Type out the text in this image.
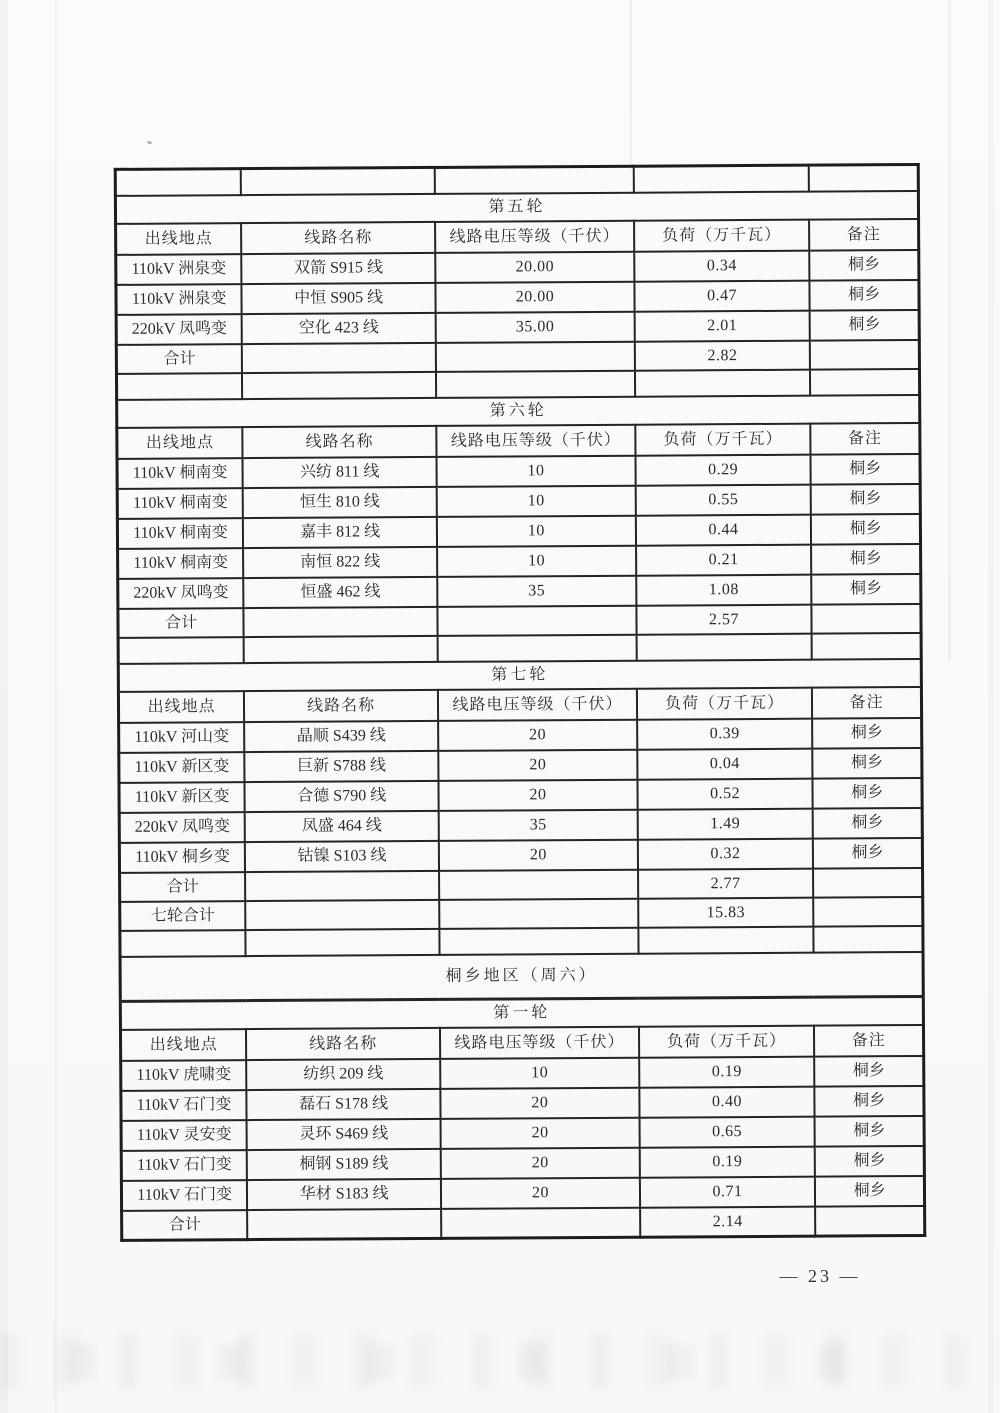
第五轮				
出线地点	线路名称	线路电压等级（千伏）	负荷（万千瓦）	备注
110kV 洲泉变	双箭 S915 线	20.00	0.34	桐乡
110kV 洲泉变	中恒 S905 线	20.00	0.47	桐乡
220kV 凤鸣变	空化 423 线	35.00	2.01	桐乡
合计			2.82	

第六轮				
出线地点	线路名称	线路电压等级（千伏）	负荷（万千瓦）	备注
110kV 桐南变	兴纺 811 线	10	0.29	桐乡
110kV 桐南变	恒生 810 线	10	0.55	桐乡
110kV 桐南变	嘉丰 812 线	10	0.44	桐乡
110kV 桐南变	南恒 822 线	10	0.21	桐乡
220kV 凤鸣变	恒盛 462 线	35	1.08	桐乡
合计			2.57	

第七轮				
出线地点	线路名称	线路电压等级（千伏）	负荷（万千瓦）	备注
110kV 河山变	晶顺 S439 线	20	0.39	桐乡
110kV 新区变	巨新 S788 线	20	0.04	桐乡
110kV 新区变	合德 S790 线	20	0.52	桐乡
220kV 凤鸣变	凤盛 464 线	35	1.49	桐乡
110kV 桐乡变	钴镍 S103 线	20	0.32	桐乡
合计			2.77	
七轮合计			15.83	

桐乡地区（周六）				
第一轮				
出线地点	线路名称	线路电压等级（千伏）	负荷（万千瓦）	备注
110kV 虎啸变	纺织 209 线	10	0.19	桐乡
110kV 石门变	磊石 S178 线	20	0.40	桐乡
110kV 灵安变	灵环 S469 线	20	0.65	桐乡
110kV 石门变	桐钢 S189 线	20	0.19	桐乡
110kV 石门变	华材 S183 线	20	0.71	桐乡
合计			2.14	
— 23 —
